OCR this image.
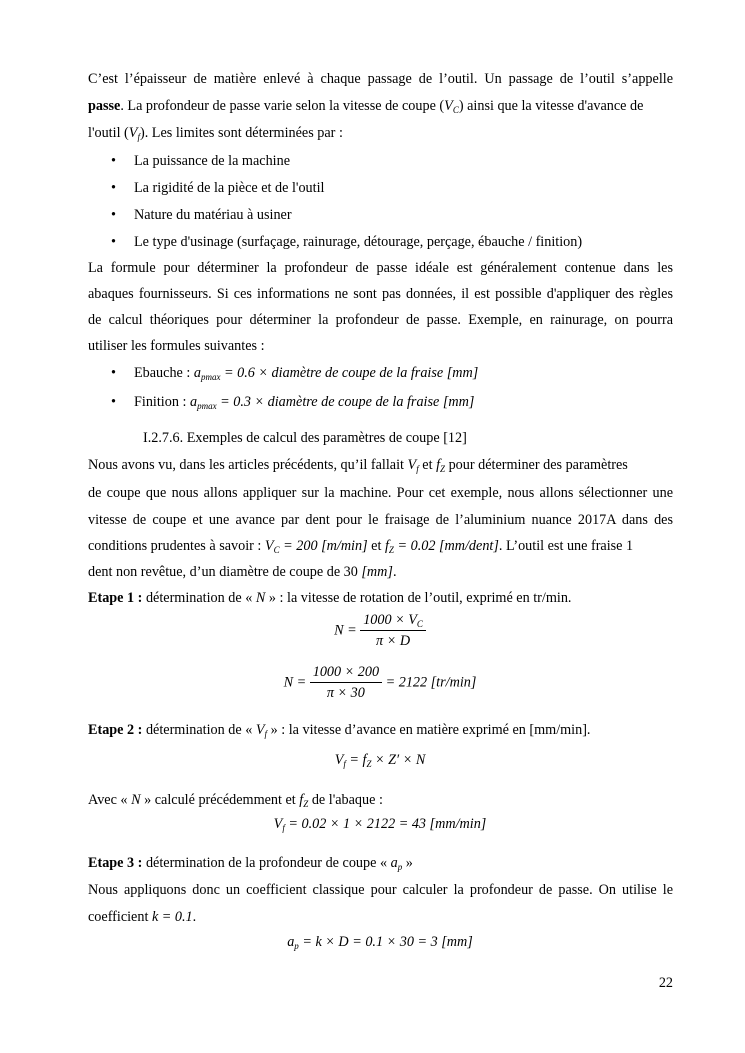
C’est l’épaisseur de matière enlevé à chaque passage de l’outil. Un passage de l’outil s’appelle
passe. La profondeur de passe varie selon la vitesse de coupe $(V_C)$ ainsi que la vitesse d'avance de
l'outil $(V_f)$. Les limites sont déterminées par :
• La puissance de la machine
• La rigidité de la pièce et de l'outil
• Nature du matériau à usiner
• Le type d'usinage (surfaçage, rainurage, détourage, perçage, ébauche / finition)
La formule pour déterminer la profondeur de passe idéale est généralement contenue dans les
abaques fournisseurs. Si ces informations ne sont pas données, il est possible d'appliquer des règles
de calcul théoriques pour déterminer la profondeur de passe. Exemple, en rainurage, on pourra
utiliser les formules suivantes :
• Ebauche : $a_{pmax} = 0.6$ × diamètre de coupe de la fraise [mm]
• Finition : $a_{pmax} = 0.3$ × diamètre de coupe de la fraise [mm]
I.2.7.6. Exemples de calcul des paramètres de coupe [12]
Nous avons vu, dans les articles précédents, qu’il fallait $V_f$ et $f_Z$ pour déterminer des paramètres
de coupe que nous allons appliquer sur la machine. Pour cet exemple, nous allons sélectionner une
vitesse de coupe et une avance par dent pour le fraisage de l’aluminium nuance 2017A dans des
conditions prudentes à savoir : $V_C = 200$ [m/min] et $f_Z = 0.02$ [mm/dent]. L’outil est une fraise 1
dent non revêtue, d’un diamètre de coupe de 30 [mm].
Etape 1 : détermination de « N » : la vitesse de rotation de l’outil, exprimé en tr/min.
$N = \frac{1000 \times V_C}{\pi \times D}$
$N = \frac{1000 \times 200}{\pi \times 30} = 2122$ [tr/min]
Etape 2 : détermination de « $V_f$ » : la vitesse d’avance en matière exprimé en [mm/min].
$V_f = f_Z \times Z' \times N$
Avec « N » calculé précédemment et $f_Z$ de l'abaque :
$V_f = 0.02 \times 1 \times 2122 = 43$ [mm/min]
Etape 3 : détermination de la profondeur de coupe « $a_p$ »
Nous appliquons donc un coefficient classique pour calculer la profondeur de passe. On utilise le
coefficient k = 0.1.
$a_p = k \times D = 0.1 \times 30 = 3$ [mm]
22
